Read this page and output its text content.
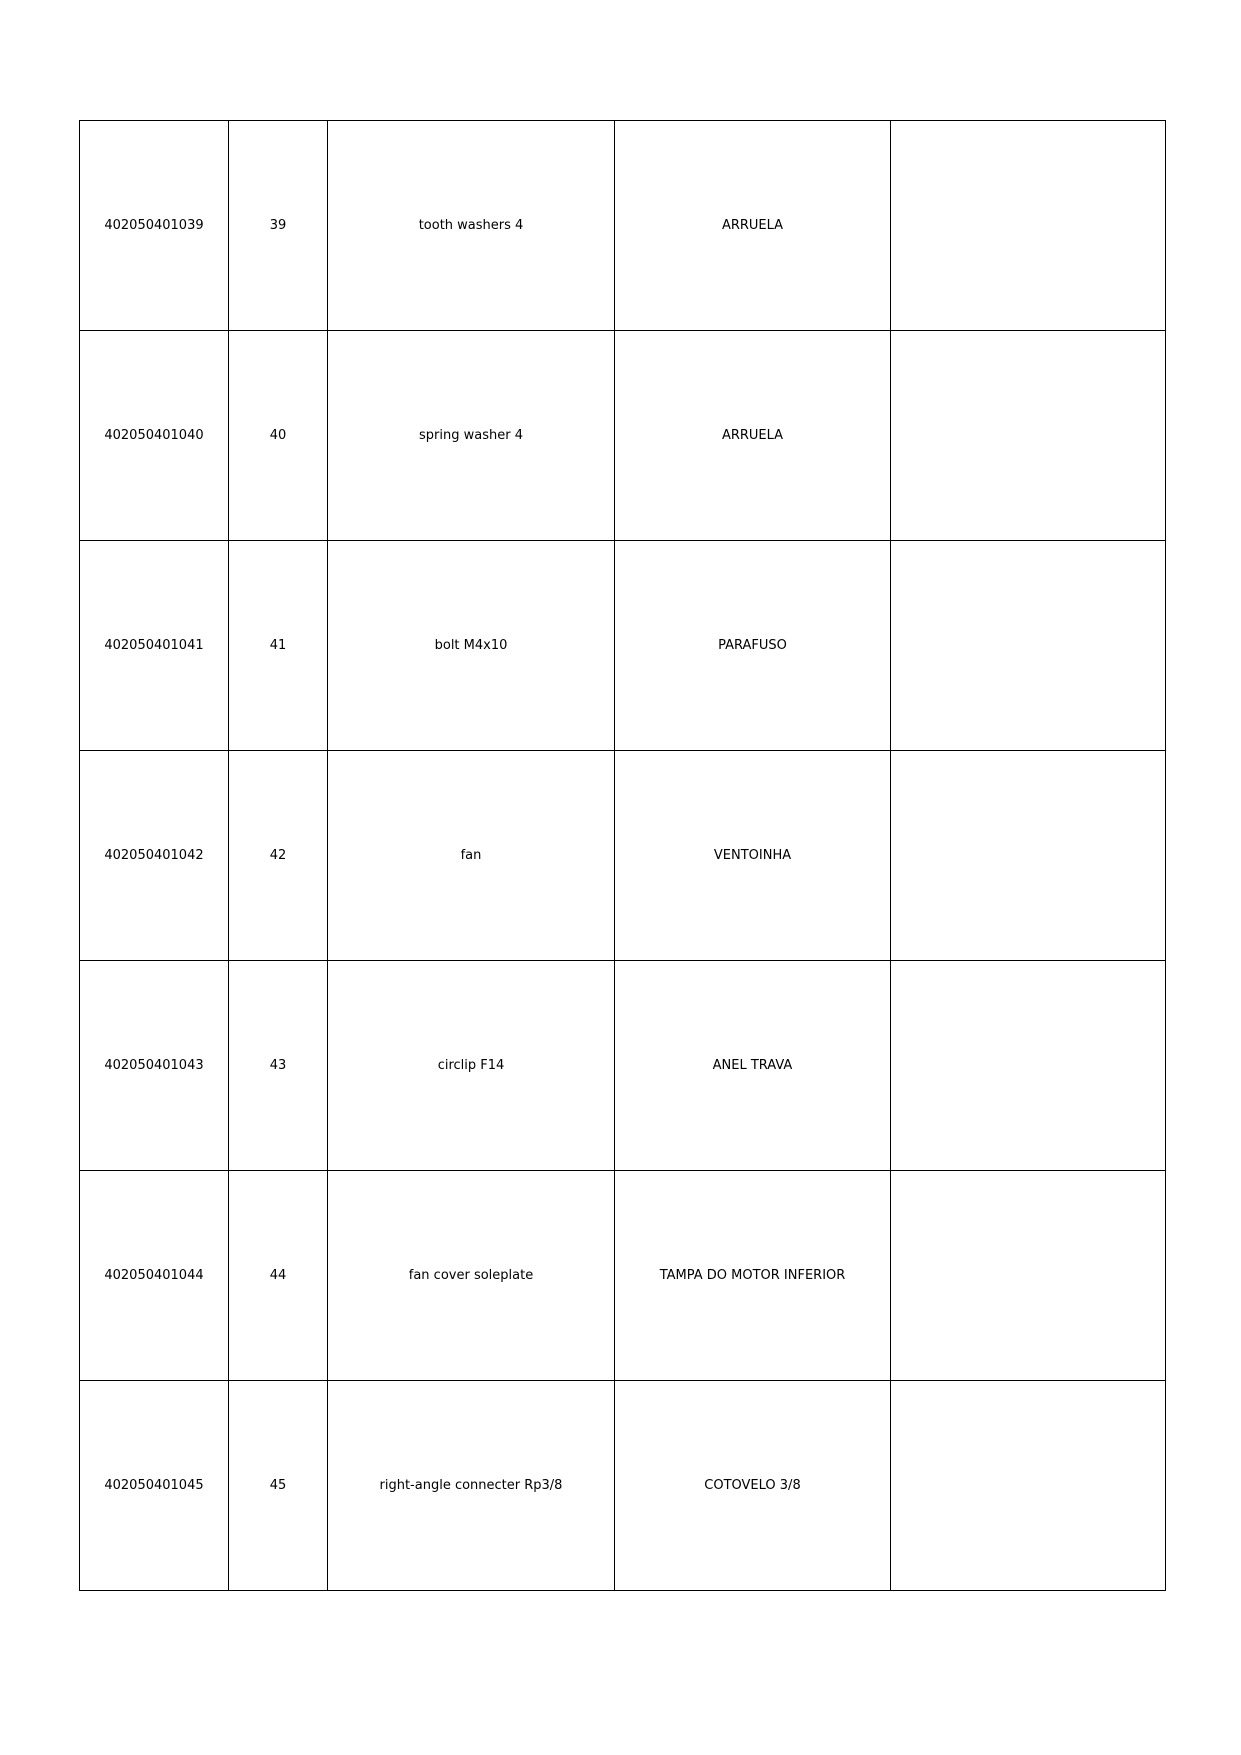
402050401039	39	tooth washers 4	ARRUELA	
402050401040	40	spring washer 4	ARRUELA	
402050401041	41	bolt M4x10	PARAFUSO	
402050401042	42	fan	VENTOINHA	
402050401043	43	circlip F14	ANEL TRAVA	
402050401044	44	fan cover soleplate	TAMPA DO MOTOR INFERIOR	
402050401045	45	right-angle connecter Rp3/8	COTOVELO 3/8	
